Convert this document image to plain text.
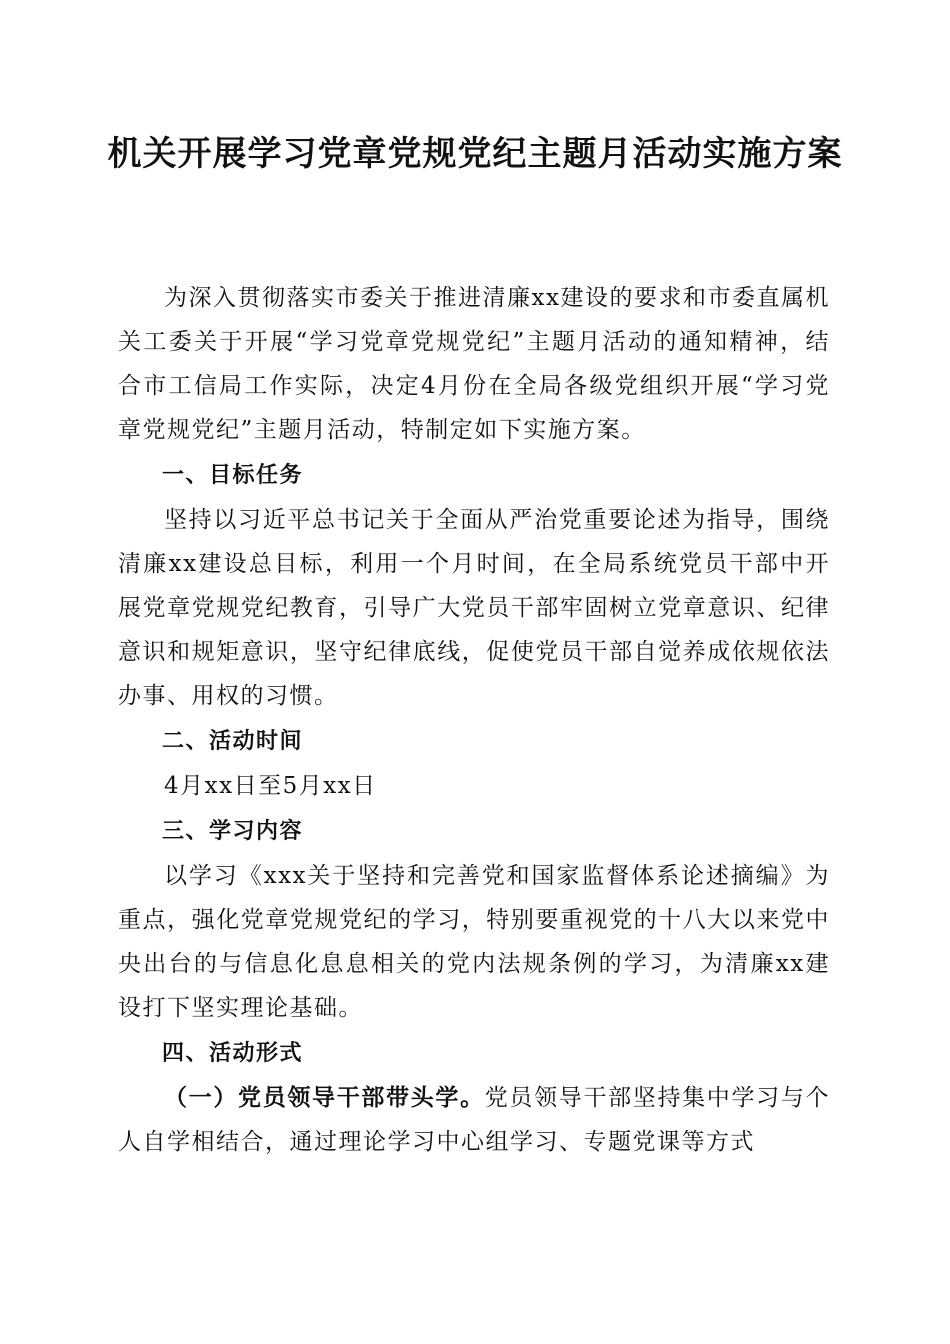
机关开展学习党章党规党纪主题月活动实施方案

为深入贯彻落实市委关于推进清廉xx建设的要求和市委直属机关工委关于开展“学习党章党规党纪”主题月活动的通知精神，结合市工信局工作实际，决定4月份在全局各级党组织开展“学习党章党规党纪”主题月活动，特制定如下实施方案。

一、目标任务

坚持以习近平总书记关于全面从严治党重要论述为指导，围绕清廉xx建设总目标，利用一个月时间，在全局系统党员干部中开展党章党规党纪教育，引导广大党员干部牢固树立党章意识、纪律意识和规矩意识，坚守纪律底线，促使党员干部自觉养成依规依法办事、用权的习惯。

二、活动时间

4月xx日至5月xx日

三、学习内容

以学习《xxx关于坚持和完善党和国家监督体系论述摘编》为重点，强化党章党规党纪的学习，特别要重视党的十八大以来党中央出台的与信息化息息相关的党内法规条例的学习，为清廉xx建设打下坚实理论基础。

四、活动形式

（一）党员领导干部带头学。党员领导干部坚持集中学习与个人自学相结合，通过理论学习中心组学习、专题党课等方式
